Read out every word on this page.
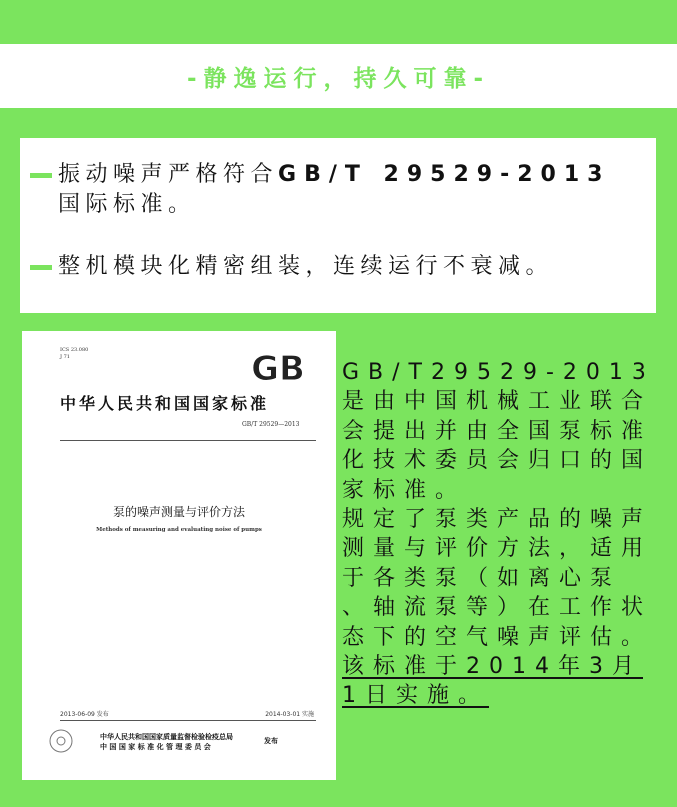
-静逸运行，持久可靠-
振动噪声严格符合GB/T 29529-2013
国际标准。
整机模块化精密组装，连续运行不衰减。
ICS 23.080
J 71	GB
中华人民共和国国家标准
GB/T 29529—2013
泵的噪声测量与评价方法
Methods of measuring and evaluating noise of pumps
2013-06-09 发布	2014-03-01 实施
中华人民共和国国家质量监督检验检疫总局
中 国 国 家 标 准 化 管 理 委 员 会
发布

GB/T29529-2013是由中国机械工业联合会提出并由全国泵标准化技术委员会归口的国家标准。

规定了泵类产品的噪声测量与评价方法，适用于各类泵（如离心泵 、轴流泵等）在工作状态下的空气噪声评估。

该标准于2014年3月1日实施。
